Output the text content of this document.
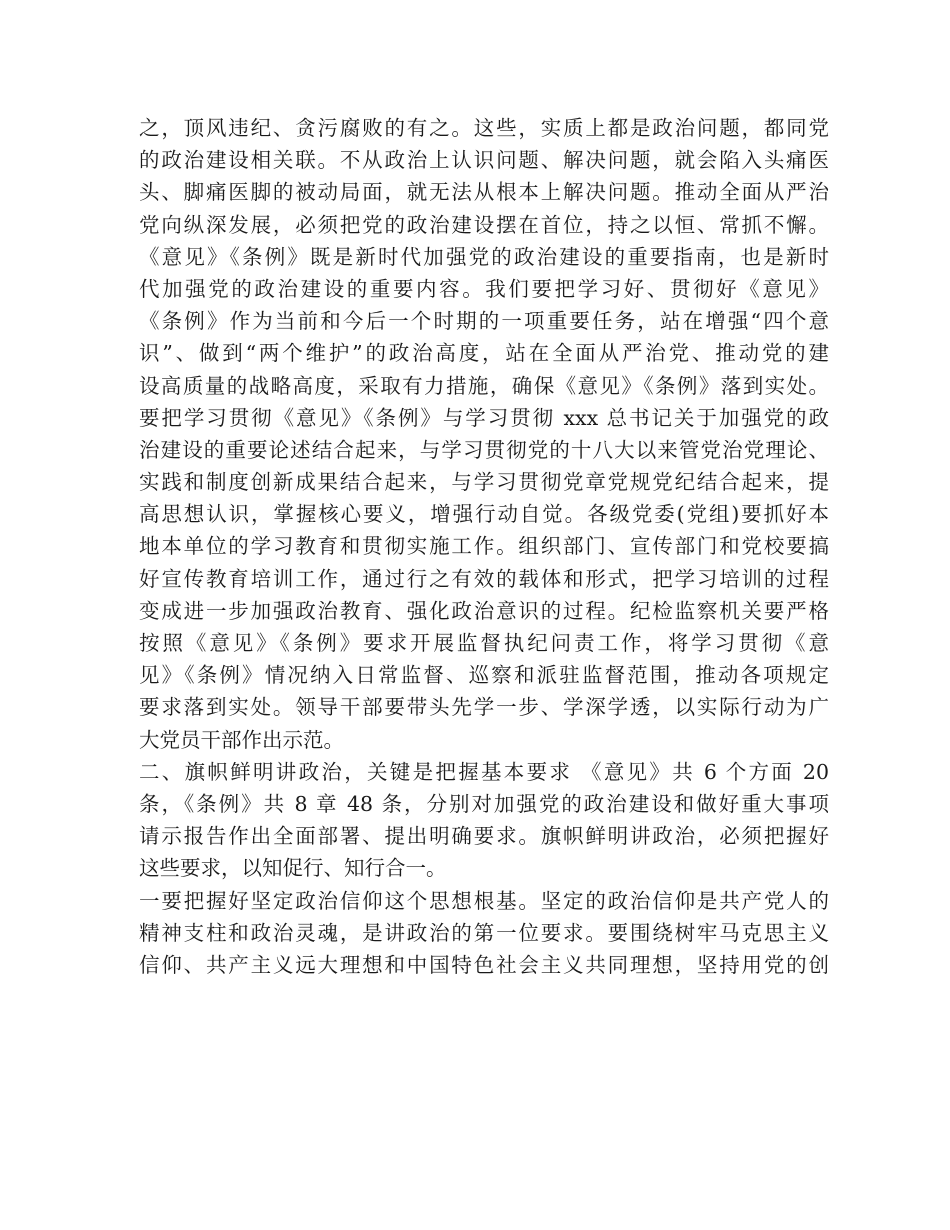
之，顶风违纪、贪污腐败的有之。这些，实质上都是政治问题，都同党
的政治建设相关联。不从政治上认识问题、解决问题，就会陷入头痛医
头、脚痛医脚的被动局面，就无法从根本上解决问题。推动全面从严治
党向纵深发展，必须把党的政治建设摆在首位，持之以恒、常抓不懈。
《意见》《条例》既是新时代加强党的政治建设的重要指南，也是新时
代加强党的政治建设的重要内容。我们要把学习好、贯彻好《意见》
《条例》作为当前和今后一个时期的一项重要任务，站在增强“四个意
识”、做到“两个维护”的政治高度，站在全面从严治党、推动党的建
设高质量的战略高度，采取有力措施，确保《意见》《条例》落到实处。
要把学习贯彻《意见》《条例》与学习贯彻 xxx 总书记关于加强党的政
治建设的重要论述结合起来，与学习贯彻党的十八大以来管党治党理论、
实践和制度创新成果结合起来，与学习贯彻党章党规党纪结合起来，提
高思想认识，掌握核心要义，增强行动自觉。各级党委(党组)要抓好本
地本单位的学习教育和贯彻实施工作。组织部门、宣传部门和党校要搞
好宣传教育培训工作，通过行之有效的载体和形式，把学习培训的过程
变成进一步加强政治教育、强化政治意识的过程。纪检监察机关要严格
按照《意见》《条例》要求开展监督执纪问责工作，将学习贯彻《意
见》《条例》情况纳入日常监督、巡察和派驻监督范围，推动各项规定
要求落到实处。领导干部要带头先学一步、学深学透，以实际行动为广
大党员干部作出示范。
二、旗帜鲜明讲政治，关键是把握基本要求 《意见》共 6 个方面 20
条，《条例》共 8 章 48 条，分别对加强党的政治建设和做好重大事项
请示报告作出全面部署、提出明确要求。旗帜鲜明讲政治，必须把握好
这些要求，以知促行、知行合一。
一要把握好坚定政治信仰这个思想根基。坚定的政治信仰是共产党人的
精神支柱和政治灵魂，是讲政治的第一位要求。要围绕树牢马克思主义
信仰、共产主义远大理想和中国特色社会主义共同理想，坚持用党的创
